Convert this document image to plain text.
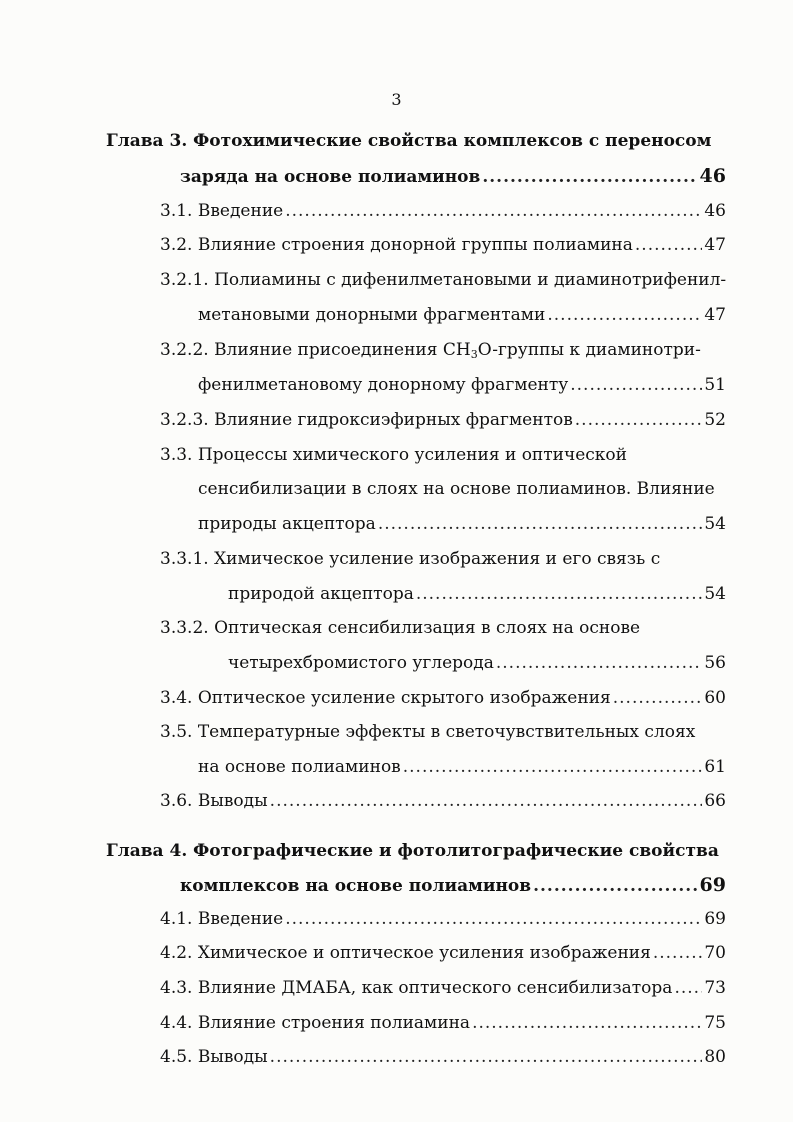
3
Глава 3. Фотохимические свойства комплексов с переносом
заряда на основе полиаминов .....	46
3.1. Введение .....	46
3.2. Влияние строения донорной группы полиамина .....	47
3.2.1. Полиамины с дифенилметановыми и диаминотрифенил-
метановыми донорными фрагментами .....	47
3.2.2. Влияние присоединения $CH_3O$-группы к диаминотри-
фенилметановому донорному фрагменту .....	51
3.2.3. Влияние гидроксиэфирных фрагментов .....	52
3.3. Процессы химического усиления и оптической
сенсибилизации в слоях на основе полиаминов. Влияние
природы акцептора .....	54
3.3.1. Химическое усиление изображения и его связь с
природой акцептора .....	54
3.3.2. Оптическая сенсибилизация в слоях на основе
четырехбромистого углерода .....	56
3.4. Оптическое усиление скрытого изображения .....	60
3.5. Температурные эффекты в светочувствительных слоях
на основе полиаминов .....	61
3.6. Выводы .....	66
Глава 4. Фотографические и фотолитографические свойства
комплексов на основе полиаминов .....	69
4.1. Введение .....	69
4.2. Химическое и оптическое усиления изображения .....	70
4.3. Влияние ДМАБА, как оптического сенсибилизатора ..... 73
4.4. Влияние строения полиамина .....	75
4.5. Выводы .....	80
